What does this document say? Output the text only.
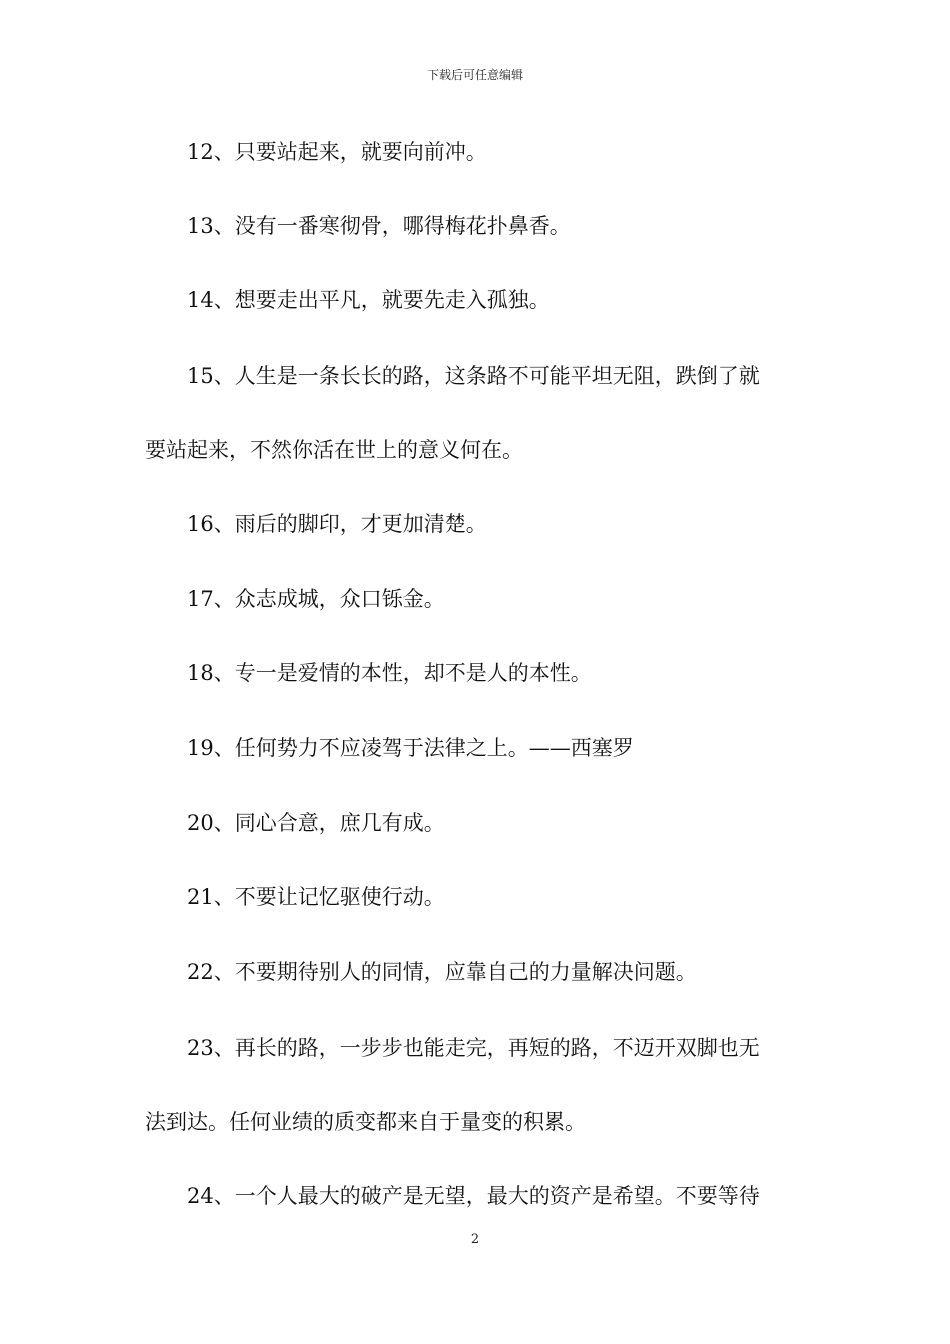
下载后可任意编辑
12、只要站起来，就要向前冲。
13、没有一番寒彻骨，哪得梅花扑鼻香。
14、想要走出平凡，就要先走入孤独。
15、人生是一条长长的路，这条路不可能平坦无阻，跌倒了就
要站起来，不然你活在世上的意义何在。
16、雨后的脚印，才更加清楚。
17、众志成城，众口铄金。
18、专一是爱情的本性，却不是人的本性。
19、任何势力不应凌驾于法律之上。——西塞罗
20、同心合意，庶几有成。
21、不要让记忆驱使行动。
22、不要期待别人的同情，应靠自己的力量解决问题。
23、再长的路，一步步也能走完，再短的路，不迈开双脚也无
法到达。任何业绩的质变都来自于量变的积累。
24、一个人最大的破产是无望，最大的资产是希望。不要等待
2
